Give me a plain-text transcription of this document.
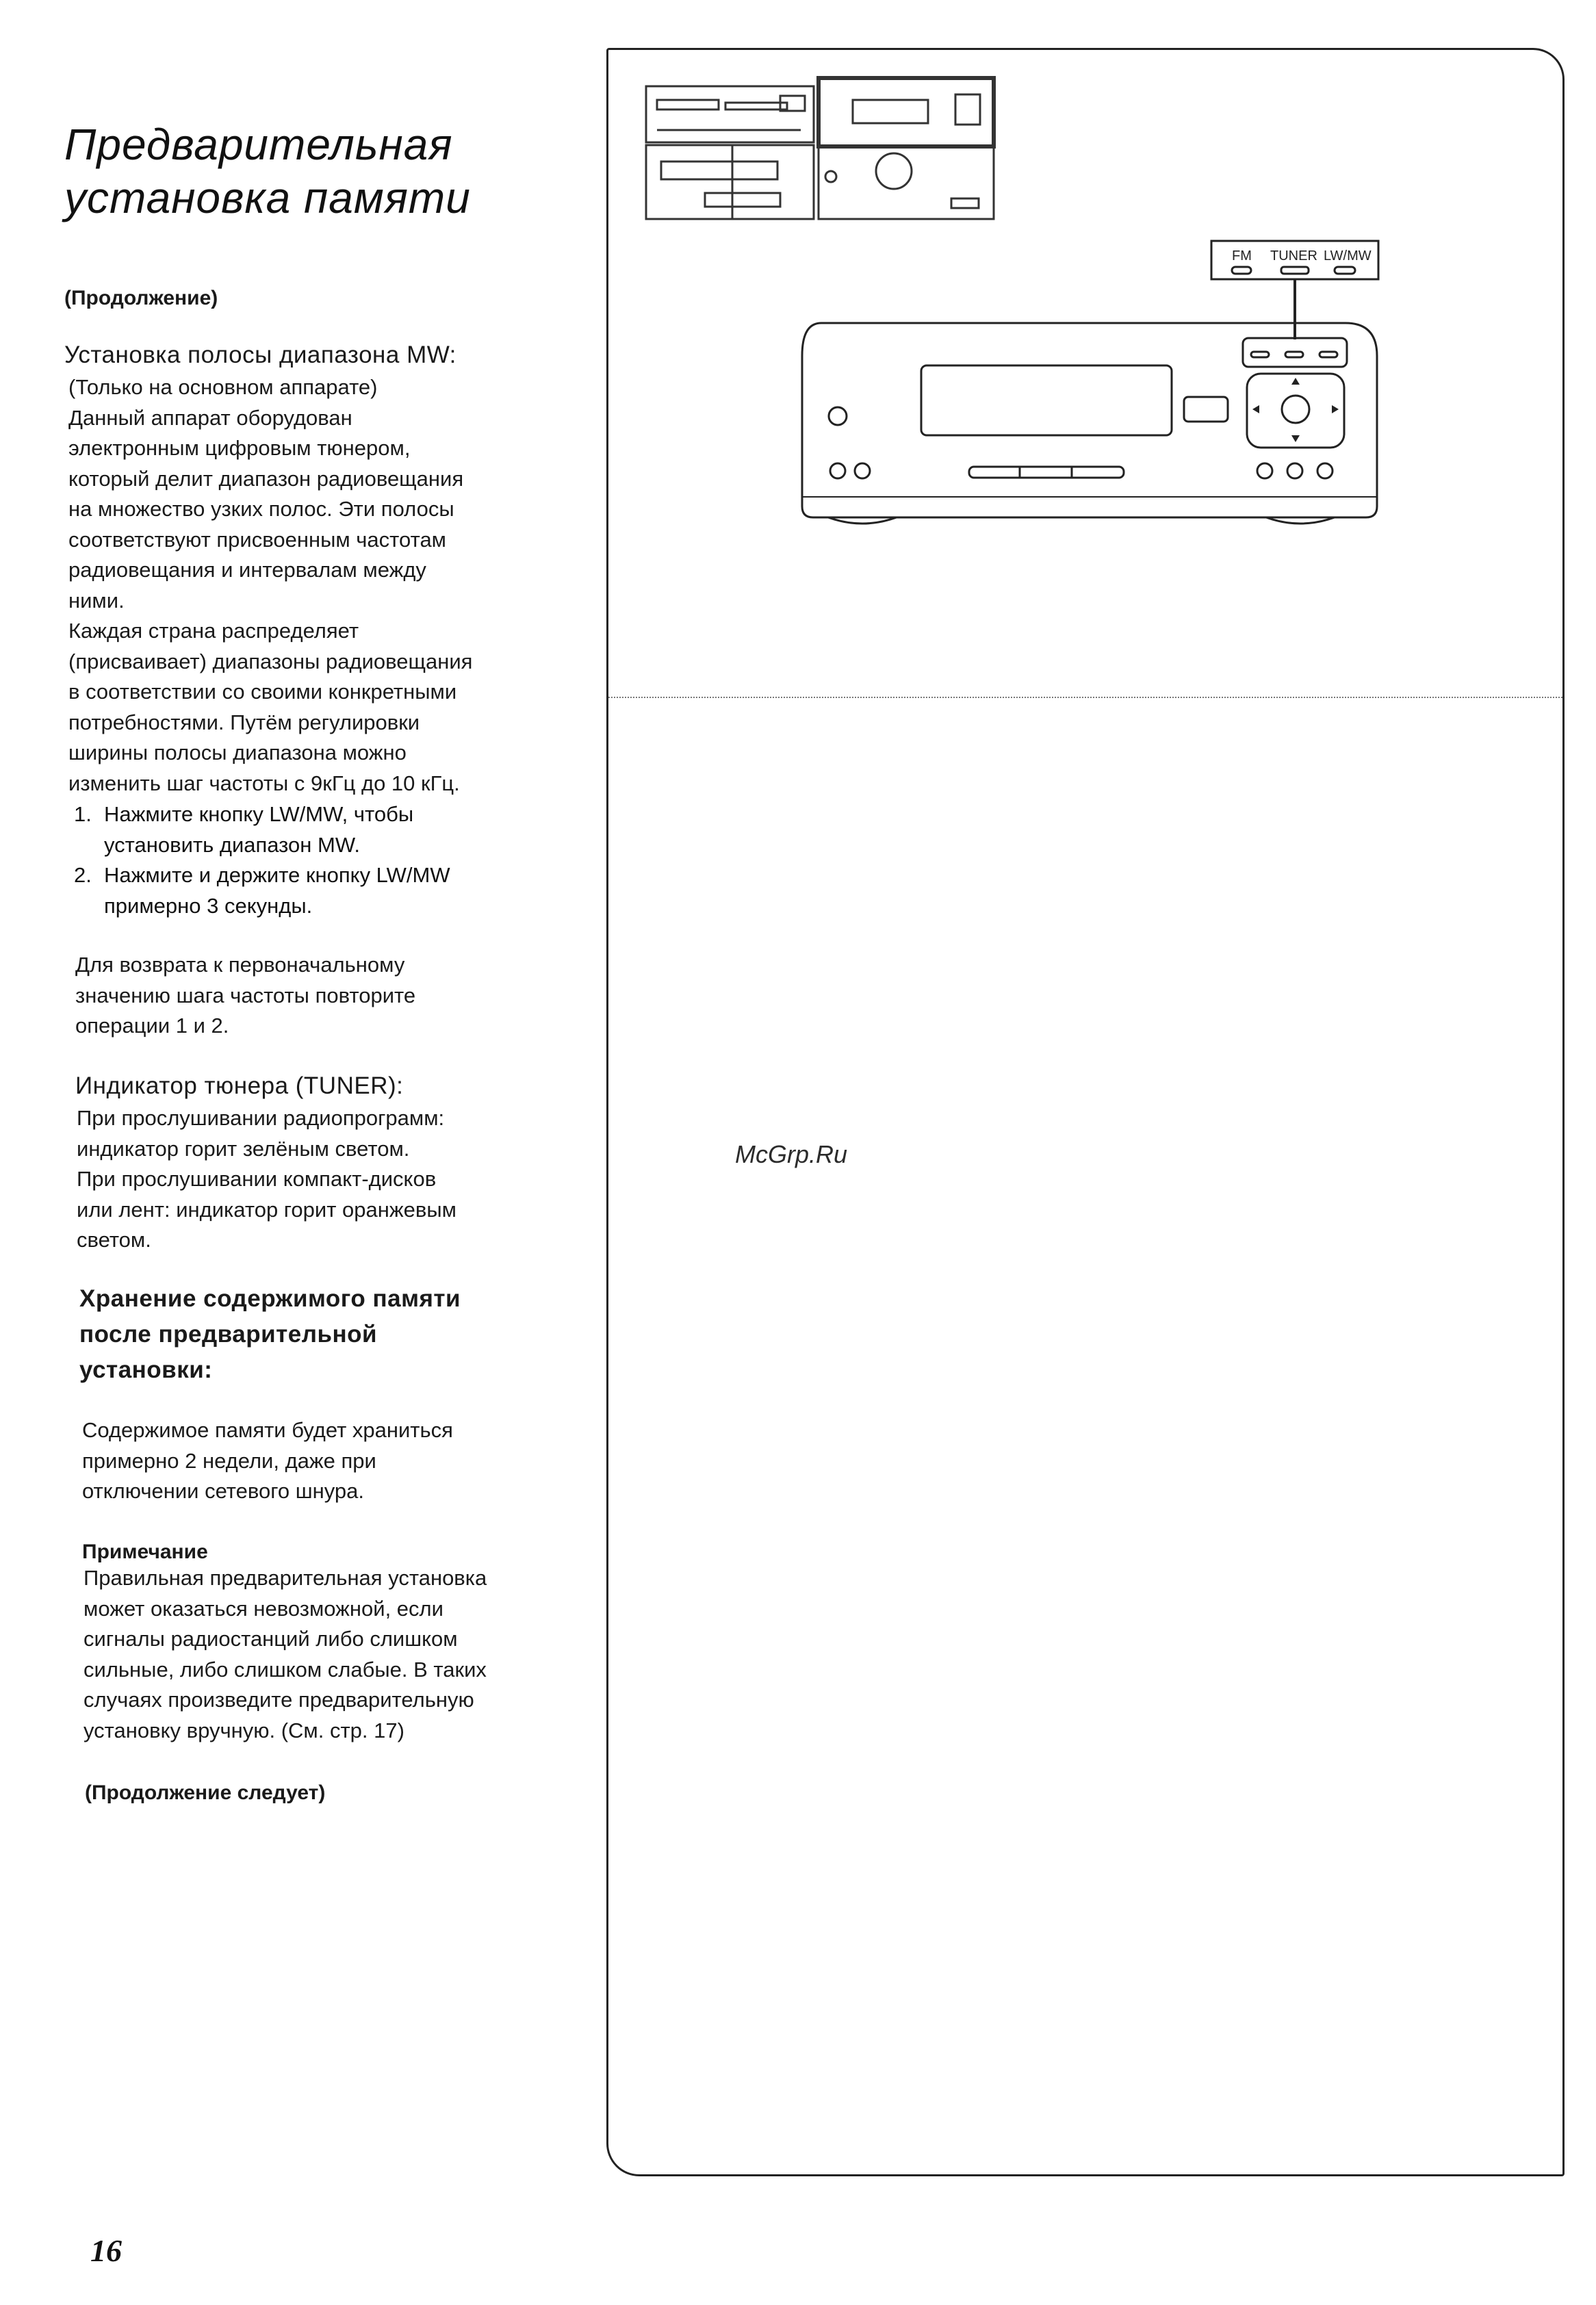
Предварительная установка памяти

(Продолжение)

Установка полосы диапазона MW:

(Только на основном аппарате)
Данный аппарат оборудован
электронным цифровым тюнером,
который делит диапазон радиовещания
на множество узких полос. Эти полосы
соответствуют присвоенным частотам
радиовещания и интервалам между
ними.
Каждая страна распределяет
(присваивает) диапазоны радиовещания
в соответствии со своими конкретными
потребностями. Путём регулировки
ширины полосы диапазона можно
изменить шаг частоты с 9кГц до 10 кГц.
1. Нажмите кнопку LW/MW, чтобы
установить диапазон MW.
2. Нажмите и держите кнопку LW/MW
примерно 3 секунды.
Для возврата к первоначальному
значению шага частоты повторите
операции 1 и 2.

Индикатор тюнера (TUNER):

При прослушивании радиопрограмм:
индикатор горит зелёным светом.
При прослушивании компакт-дисков
или лент: индикатор горит оранжевым
светом.
Хранение содержимого памяти
после предварительной
установки:
Содержимое памяти будет храниться
примерно 2 недели, даже при
отключении сетевого шнура.

Примечание

Правильная предварительная установка
может оказаться невозможной, если
сигналы радиостанций либо слишком
сильные, либо слишком слабые. В таких
случаях произведите предварительную
установку вручную. (См. стр. 17)

(Продолжение следует)

16
McGrp.Ru
FM TUNER LW/MW
